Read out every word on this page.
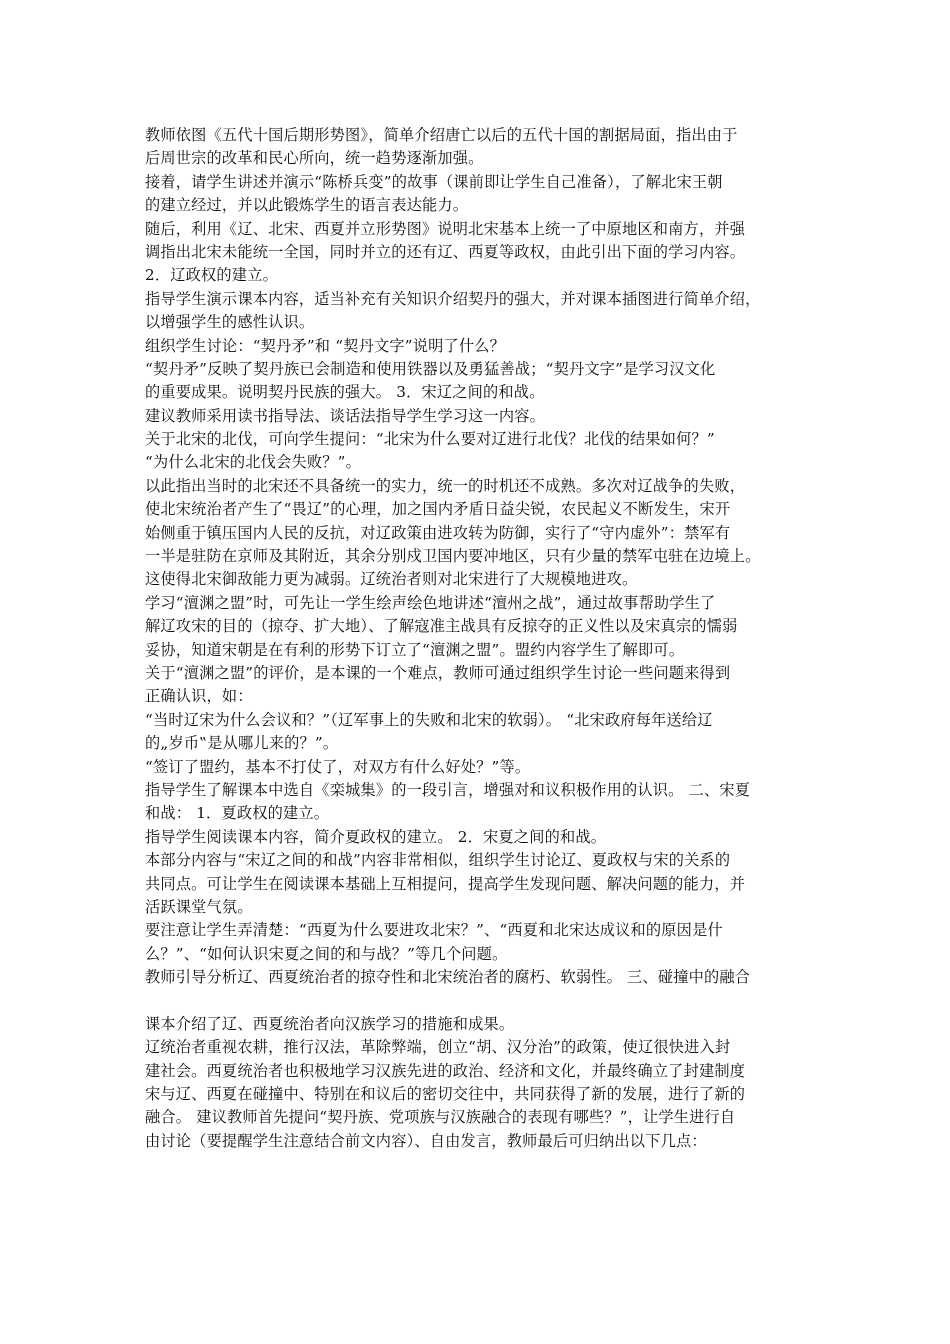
教师依图《五代十国后期形势图》，简单介绍唐亡以后的五代十国的割据局面，指出由于
后周世宗的改革和民心所向，统一趋势逐渐加强。
接着，请学生讲述并演示“陈桥兵变”的故事（课前即让学生自己准备），了解北宋王朝
的建立经过，并以此锻炼学生的语言表达能力。
随后，利用《辽、北宋、西夏并立形势图》说明北宋基本上统一了中原地区和南方，并强
调指出北宋未能统一全国，同时并立的还有辽、西夏等政权，由此引出下面的学习内容。
2．辽政权的建立。
指导学生演示课本内容，适当补充有关知识介绍契丹的强大，并对课本插图进行简单介绍，
以增强学生的感性认识。
组织学生讨论：“契丹矛”和 “契丹文字”说明了什么？
“契丹矛”反映了契丹族已会制造和使用铁器以及勇猛善战；“契丹文字”是学习汉文化
的重要成果。说明契丹民族的强大。 3．宋辽之间的和战。
建议教师采用读书指导法、谈话法指导学生学习这一内容。
关于北宋的北伐，可向学生提问：“北宋为什么要对辽进行北伐？北伐的结果如何？”
“为什么北宋的北伐会失败？”。
以此指出当时的北宋还不具备统一的实力，统一的时机还不成熟。多次对辽战争的失败，
使北宋统治者产生了“畏辽”的心理，加之国内矛盾日益尖锐，农民起义不断发生，宋开
始侧重于镇压国内人民的反抗，对辽政策由进攻转为防御，实行了“守内虚外”：禁军有
一半是驻防在京师及其附近，其余分别戍卫国内要冲地区，只有少量的禁军屯驻在边境上。
这使得北宋御敌能力更为减弱。辽统治者则对北宋进行了大规模地进攻。
学习“澶渊之盟”时，可先让一学生绘声绘色地讲述“澶州之战”，通过故事帮助学生了
解辽攻宋的目的（掠夺、扩大地）、了解寇准主战具有反掠夺的正义性以及宋真宗的懦弱
妥协，知道宋朝是在有利的形势下订立了“澶渊之盟”。盟约内容学生了解即可。
关于“澶渊之盟”的评价，是本课的一个难点，教师可通过组织学生讨论一些问题来得到
正确认识，如：
“当时辽宋为什么会议和？”（辽军事上的失败和北宋的软弱）。 “北宋政府每年送给辽
的„岁币‟是从哪儿来的？”。
“签订了盟约，基本不打仗了，对双方有什么好处？”等。
指导学生了解课本中选自《栾城集》的一段引言，增强对和议积极作用的认识。 二、宋夏
和战： 1．夏政权的建立。
指导学生阅读课本内容，简介夏政权的建立。 2．宋夏之间的和战。
本部分内容与“宋辽之间的和战”内容非常相似，组织学生讨论辽、夏政权与宋的关系的
共同点。可让学生在阅读课本基础上互相提问，提高学生发现问题、解决问题的能力，并
活跃课堂气氛。
要注意让学生弄清楚：“西夏为什么要进攻北宋？”、“西夏和北宋达成议和的原因是什
么？”、“如何认识宋夏之间的和与战？”等几个问题。
教师引导分析辽、西夏统治者的掠夺性和北宋统治者的腐朽、软弱性。 三、碰撞中的融合
课本介绍了辽、西夏统治者向汉族学习的措施和成果。
辽统治者重视农耕，推行汉法，革除弊端，创立“胡、汉分治”的政策，使辽很快进入封
建社会。西夏统治者也积极地学习汉族先进的政治、经济和文化，并最终确立了封建制度
宋与辽、西夏在碰撞中、特别在和议后的密切交往中，共同获得了新的发展，进行了新的
融合。 建议教师首先提问“契丹族、党项族与汉族融合的表现有哪些？”，让学生进行自
由讨论（要提醒学生注意结合前文内容）、自由发言，教师最后可归纳出以下几点：
